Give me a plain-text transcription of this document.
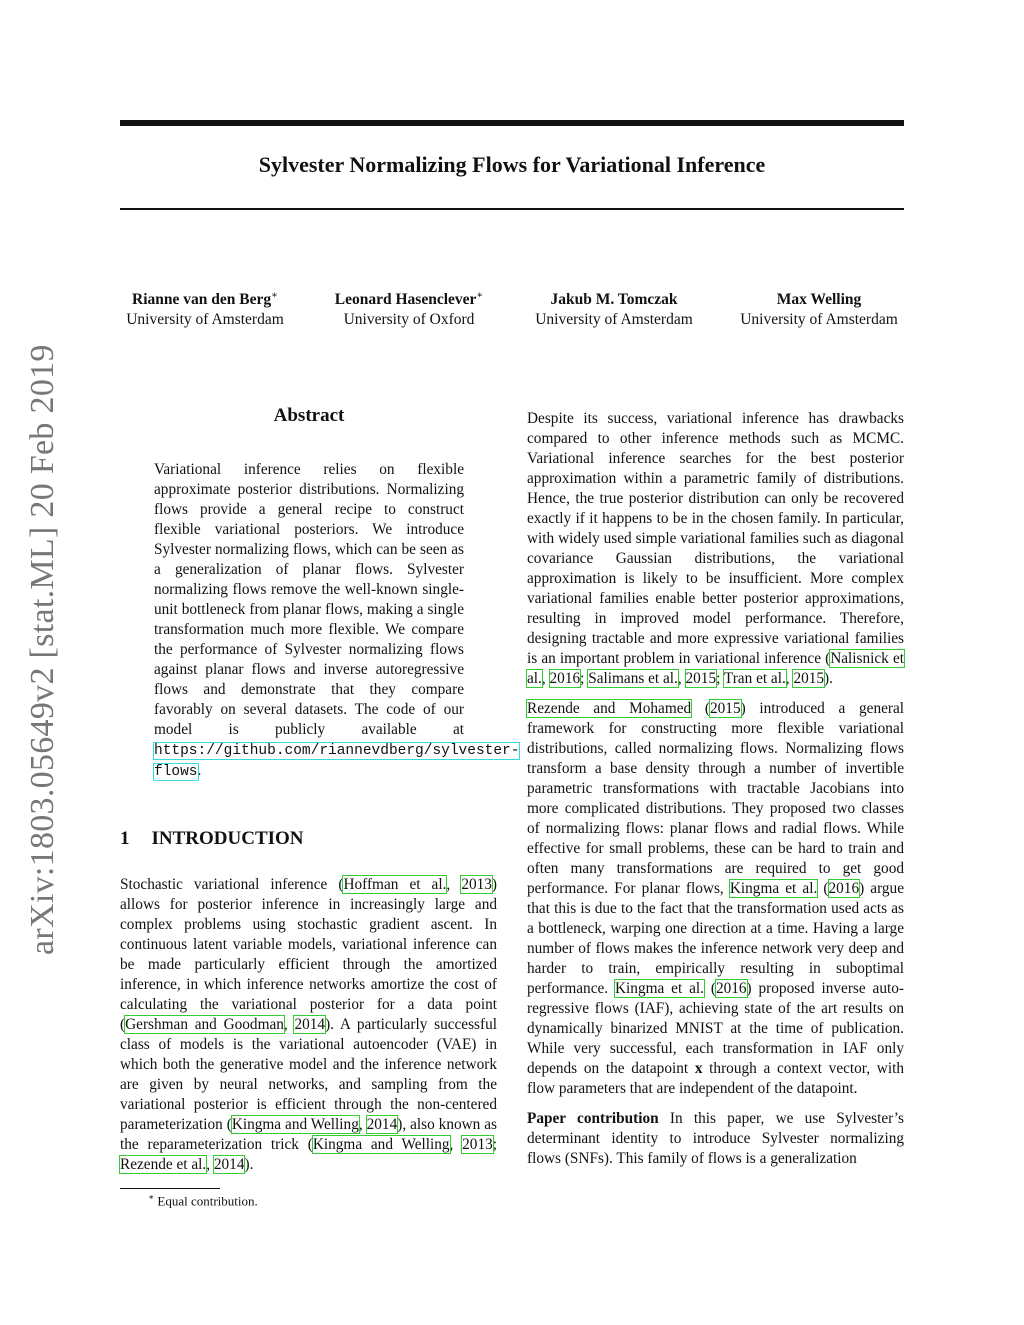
arXiv:1803.05649v2 [stat.ML] 20 Feb 2019
Sylvester Normalizing Flows for Variational Inference
Rianne van den Berg∗
University of Amsterdam
Leonard Hasenclever∗
University of Oxford
Jakub M. Tomczak
University of Amsterdam
Max Welling
University of Amsterdam
Abstract
Variational inference relies on flexible approximate posterior distributions. Normalizing flows provide a general recipe to construct flexible variational posteriors. We introduce Sylvester normalizing flows, which can be seen as a generalization of planar flows. Sylvester normalizing flows remove the well-known single-unit bottleneck from planar flows, making a single transformation much more flexible. We compare the performance of Sylvester normalizing flows against planar flows and inverse autoregressive flows and demonstrate that they compare favorably on several datasets. The code of our model is publicly available at https://github.com/riannevdberg/sylvester-flows.
1 INTRODUCTION
Stochastic variational inference (Hoffman et al., 2013) allows for posterior inference in increasingly large and complex problems using stochastic gradient ascent. In continuous latent variable models, variational inference can be made particularly efficient through the amortized inference, in which inference networks amortize the cost of calculating the variational posterior for a data point (Gershman and Goodman, 2014). A particularly successful class of models is the variational autoencoder (VAE) in which both the generative model and the inference network are given by neural networks, and sampling from the variational posterior is efficient through the non-centered parameterization (Kingma and Welling, 2014), also known as the reparameterization trick (Kingma and Welling, 2013; Rezende et al., 2014).

Despite its success, variational inference has drawbacks compared to other inference methods such as MCMC. Variational inference searches for the best posterior approximation within a parametric family of distributions. Hence, the true posterior distribution can only be recovered exactly if it happens to be in the chosen family. In particular, with widely used simple variational families such as diagonal covariance Gaussian distributions, the variational approximation is likely to be insufficient. More complex variational families enable better posterior approximations, resulting in improved model performance. Therefore, designing tractable and more expressive variational families is an important problem in variational inference (Nalisnick et al., 2016; Salimans et al., 2015; Tran et al., 2015).

Rezende and Mohamed (2015) introduced a general framework for constructing more flexible variational distributions, called normalizing flows. Normalizing flows transform a base density through a number of invertible parametric transformations with tractable Jacobians into more complicated distributions. They proposed two classes of normalizing flows: planar flows and radial flows. While effective for small problems, these can be hard to train and often many transformations are required to get good performance. For planar flows, Kingma et al. (2016) argue that this is due to the fact that the transformation used acts as a bottleneck, warping one direction at a time. Having a large number of flows makes the inference network very deep and harder to train, empirically resulting in suboptimal performance. Kingma et al. (2016) proposed inverse auto-regressive flows (IAF), achieving state of the art results on dynamically binarized MNIST at the time of publication. While very successful, each transformation in IAF only depends on the datapoint x through a context vector, with flow parameters that are independent of the datapoint.

Paper contribution In this paper, we use Sylvester’s determinant identity to introduce Sylvester normalizing flows (SNFs). This family of flows is a generalization

∗ Equal contribution.
